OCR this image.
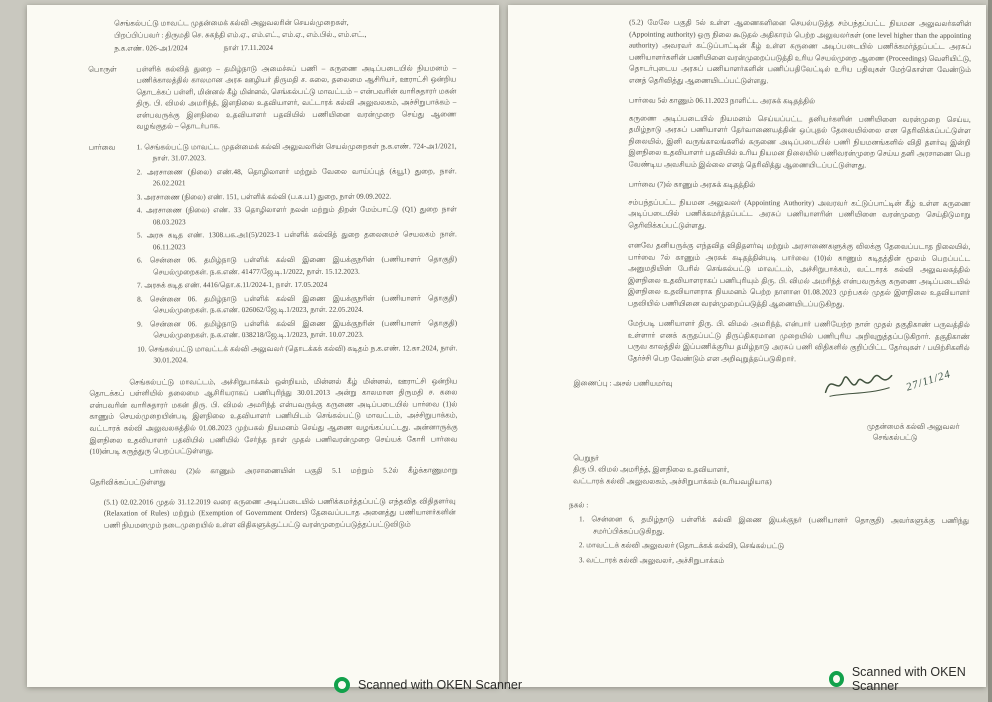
செங்கல்பட்டு மாவட்ட முதன்மைக் கல்வி அலுவலரின் செயல்முறைகள்,
பிறப்பிப்பவர் : திருமதி செ. சுகந்தி எம்.ஏ., எம்.எட்., எம்.ஏ., எம்.பில்., எம்.எட்.,
ந.க.எண். 026-அ1/2024	நாள் 17.11.2024
பொருள்	பள்ளிக் கல்வித் துறை – தமிழ்நாடு அமைச்சுப் பணி – கருணை அடிப்படையில் நியமனம் – பணிக்காலத்தில் காலமான அரசு ஊழியர் திருமதி ச. கலை, தலைமை ஆசிரியர், ஊராட்சி ஒன்றிய தொடக்கப் பள்ளி, மின்னல் கீழ் மின்னல், செங்கல்பட்டு மாவட்டம் – என்பவரின் வாரிசுதாரர் மகன் திரு. பி. விமல் அமரிந்த், இளநிலை உதவியாளர், வட்டாரக் கல்வி அலுவலகம், அச்சிறுபாக்கம் – என்பவருக்கு இளநிலை உதவியாளர் பதவியில் பணியினை வரன்முறை செய்து ஆணை வழங்குதல் – தொடர்பாக.
பார்வை	1. செங்கல்பட்டு மாவட்ட முதன்மைக் கல்வி அலுவலரின் செயல்முறைகள் ந.க.எண். 724-அ1/2021, நாள். 31.07.2023.
2. அரசாணை (நிலை) எண்.48, தொழிலாளர் மற்றும் வேலை வாய்ப்புத் (க்யூ1) துறை, நாள். 26.02.2021
3. அரசாணை (நிலை) எண். 151, பள்ளிக் கல்வி (ப.க.ப1) துறை, நாள் 09.09.2022.
4. அரசாணை (நிலை) எண். 33 தொழிலாளர் நலன் மற்றும் திறன் மேம்பாட்டு (Q1) துறை நாள் 08.03.2023
5. அரசு கடித எண். 1308.பக.அ1(5)/2023-1 பள்ளிக் கல்வித் துறை தலைமைச் செயலகம் நாள். 06.11.2023
6. சென்னை 06. தமிழ்நாடு பள்ளிக் கல்வி இணை இயக்குநரின் (பணியாளர் தொகுதி) செயல்முறைகள். ந.க.எண். 41477/ஜே.டி.1/2022, நாள். 15.12.2023.
7. அரசுக் கடித எண். 4416/தொ.க.11/2024-1, நாள். 17.05.2024
8. சென்னை 06. தமிழ்நாடு பள்ளிக் கல்வி இணை இயக்குநரின் (பணியாளர் தொகுதி) செயல்முறைகள். ந.க.எண். 026062/ஜே.டி.1/2023, நாள். 22.05.2024.
9. சென்னை 06. தமிழ்நாடு பள்ளிக் கல்வி இணை இயக்குநரின் (பணியாளர் தொகுதி) செயல்முறைகள். ந.க.எண். 038218/ஜே.டி.1/2023, நாள். 10.07.2023.
10. செங்கல்பட்டு மாவட்டக் கல்வி அலுவலர் (தொடக்கக் கல்வி) கடிதம் ந.க.எண். 12.கா.2024, நாள். 30.01.2024.
செங்கல்பட்டு மாவட்டம், அச்சிறுபாக்கம் ஒன்றியம், மின்னல் கீழ் மின்னல், ஊராட்சி ஒன்றிய தொடக்கப் பள்ளியில் தலைமை ஆசிரியராகப் பணிபுரிந்து 30.01.2013 அன்று காலமான திருமதி ச. கலை என்பவரின் வாரிசுதாரர் மகன் திரு. பி. விமல் அமரிந்த் என்பவருக்கு கருணை அடிப்படையில் பார்வை (1)ல் காணும் செயல்முறையின்படி இளநிலை உதவியாளர் பணியிடம் செங்கல்பட்டு மாவட்டம், அச்சிறுபாக்கம், வட்டாரக் கல்வி அலுவலகத்தில் 01.08.2023 முற்பகல் நியமனம் செய்து ஆணை வழங்கப்பட்டது. அன்னாருக்கு இளநிலை உதவியாளர் பதவியில் பணியில் சேர்ந்த நாள் முதல் பணிவரன்முறை செய்யக் கோரி பார்வை (10)ன்படி கருத்துரு பெறப்பட்டுள்ளது.
பார்வை (2)ல் காணும் அரசாணையின் பகுதி 5.1 மற்றும் 5.2ல் கீழ்க்காணுமாறு தெரிவிக்கப்பட்டுள்ளது
(5.1) 02.02.2016 முதல் 31.12.2019 வரை கருணை அடிப்படையில் பணிக்கமர்த்தப்பட்டு எந்தவித விதிதளர்வு (Relaxation of Rules) மற்றும் (Exemption of Government Orders) தேவைப்படாத அனைத்து பணியாளர்களின் பணி நியமனமும் நடைமுறையில் உள்ள விதிகளுக்குட்பட்டு வரன்முறைப்படுத்தப்பட்டுவிடும்
(5.2) மேலே பகுதி 5ல் உள்ள ஆணைகளினை செயல்படுத்த சம்பந்தப்பட்ட நியமன அலுவலர்களின் (Appointing authority) ஒரு நிலை கூடுதல் அதிகாரம் பெற்ற அலுவலர்கள் (one level higher than the appointing authority) அவரவர் கட்டுப்பாட்டின் கீழ் உள்ள கருணை அடிப்படையில் பணிக்கமர்த்தப்பட்ட அரசுப் பணியாளர்களின் பணியினை வரன்முறைப்படுத்தி உரிய செயல்முறை ஆணை (Proceedings) வெளியிட்டு, தொடர்புடைய அரசுப் பணியாளர்களின் பணிப்பதிவேட்டில் உரிய பதிவுகள் மேற்கொள்ள வேண்டும் எனத் தெரிவித்து ஆணையிடப்பட்டுள்ளது.
பார்வை 5ல் காணும் 06.11.2023 நாளிட்ட அரசுக் கடிதத்தில்
கருணை அடிப்படையில் நியமனம் செய்யப்பட்ட தனியர்களின் பணியினை வரன்முறை செய்ய, தமிழ்நாடு அரசுப் பணியாளர் தேர்வாணையத்தின் ஒப்புதல் தேவையில்லை என தெரிவிக்கப்பட்டுள்ள நிலையில், இனி வருங்காலங்களில் கருணை அடிப்படையில் பணி நியமனங்களில் விதி தளர்வு இன்றி இளநிலை உதவியாளர் பதவியில் உரிய நியமன நிலையில் பணிவரன்முறை செய்ய தனி அரசாணை பெற வேண்டிய அவசியம் இல்லை எனத் தெரிவித்து ஆணையிடப்பட்டுள்ளது.
பார்வை (7)ல் காணும் அரசுக் கடிதத்தில்
சம்பந்தப்பட்ட நியமன அலுவலர் (Appointing Authority) அவரவர் கட்டுப்பாட்டின் கீழ் உள்ள கருணை அடிப்படையில் பணிக்கமர்த்தப்பட்ட அரசுப் பணியாளரின் பணியினை வரன்முறை செய்திடுமாறு தெரிவிக்கப்பட்டுள்ளது.
எனவே தனியருக்கு எந்தவித விதிதளர்வு மற்றும் அரசாணைகளுக்கு விலக்கு தேவைப்படாத நிலையில், பார்வை 7ல் காணும் அரசுக் கடிதத்தின்படி பார்வை (10)ல் காணும் கடிதத்தின் மூலம் பெறப்பட்ட அனுமதியின் பேரில் செங்கல்பட்டு மாவட்டம், அச்சிறுபாக்கம், வட்டாரக் கல்வி அலுவலகத்தில் இளநிலை உதவியாளராகப் பணிபுரியும் திரு. பி. விமல் அமரிந்த் என்பவருக்கு கருணை அடிப்படையில் இளநிலை உதவியாளராக நியமனம் பெற்ற நாளான 01.08.2023 முற்பகல் முதல் இளநிலை உதவியாளர் பதவியில் பணியினை வரன்முறைப்படுத்தி ஆணையிடப்படுகிறது.
மேற்படி பணியாளர் திரு. பி. விமல் அமரிந்த், என்பார் பணியேற்ற நாள் முதல் தகுதிகாண் பருவத்தில் உள்ளார் எனக் கருதப்பட்டு திருப்திகரமான முறையில் பணிபுரிய அறிவுறுத்தப்படுகிறார். தகுதிகாண் பருவ காலத்தில் இப்பணிக்குரிய தமிழ்நாடு அரசுப் பணி விதிகளில் குறிப்பிட்ட தேர்வுகள் / பயிற்சிகளில் தேர்ச்சி பெற வேண்டும் என அறிவுறுத்தப்படுகிறார்.
இணைப்பு : அசல் பணியமர்வு	27/11/24
முதன்மைக் கல்வி அலுவலர்
செங்கல்பட்டு
பெறுநர்
திரு பி. விமல் அமரிந்த், இளநிலை உதவியாளர்,
வட்டாரக் கல்வி அலுவலகம், அச்சிறுபாக்கம் (உரியவழியாக)
நகல் :
1. சென்னை 6, தமிழ்நாடு பள்ளிக் கல்வி இணை இயக்குநர் (பணியாளர் தொகுதி) அவர்களுக்கு பணிந்து சமர்ப்பிக்கப்படுகிறது.
2. மாவட்டக் கல்வி அலுவலர் (தொடக்கக் கல்வி), செங்கல்பட்டு
3. வட்டாரக் கல்வி அலுவலர், அச்சிறுபாக்கம்
Scanned with OKEN Scanner
Scanned with OKEN Scanner
